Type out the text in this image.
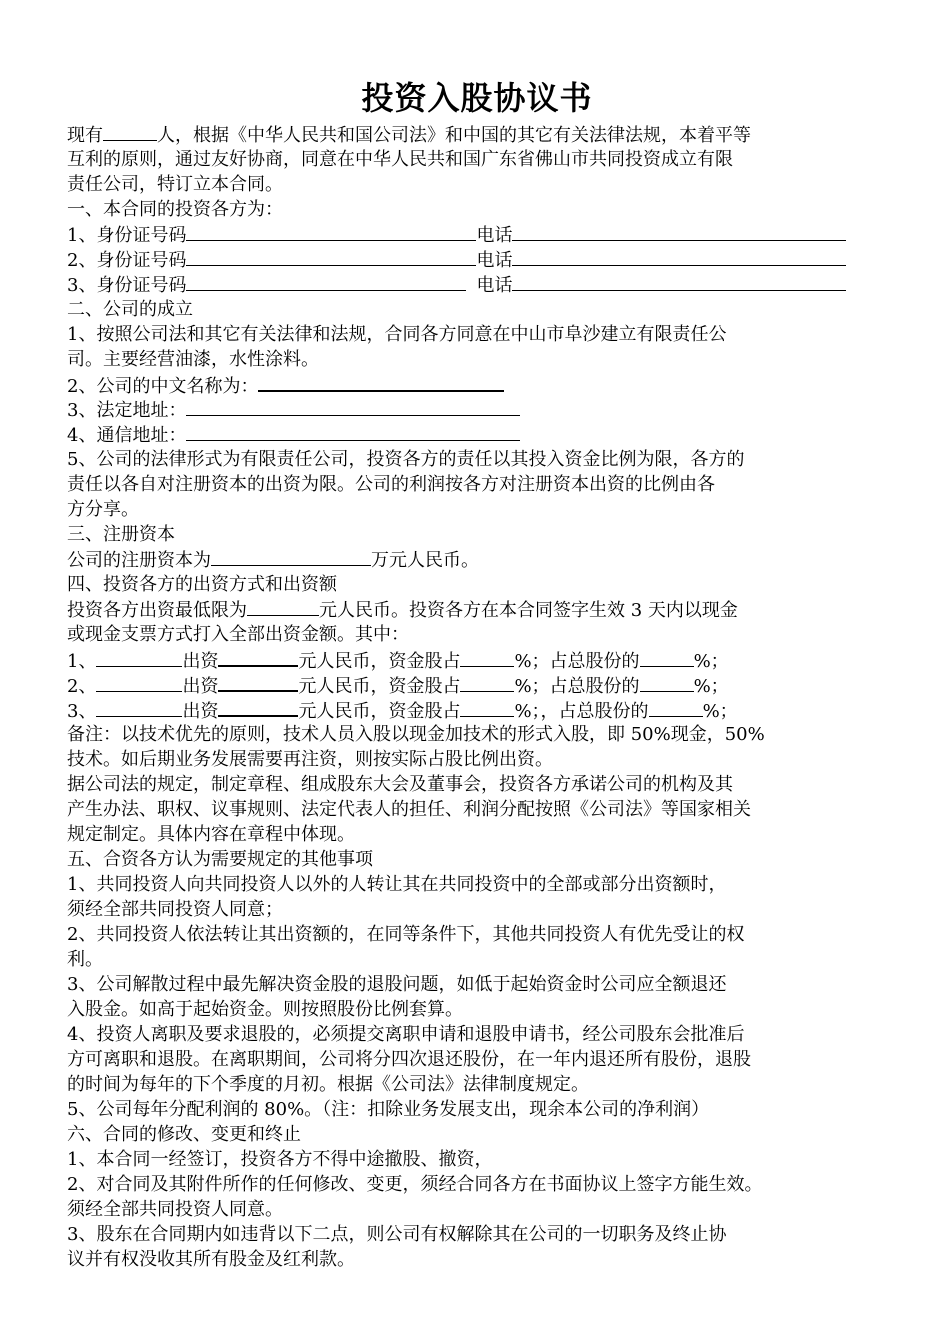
投资入股协议书
现有	人，根据《中华人民共和国公司法》和中国的其它有关法律法规，本着平等
互利的原则，通过友好协商，同意在中华人民共和国广东省佛山市共同投资成立有限
责任公司，特订立本合同。
一、本合同的投资各方为：
1、身份证号码	电话
2、身份证号码	电话
3、身份证号码	电话
二、公司的成立
1、按照公司法和其它有关法律和法规，合同各方同意在中山市阜沙建立有限责任公
司。主要经营油漆，水性涂料。
2、公司的中文名称为：
3、法定地址：
4、通信地址：
5、公司的法律形式为有限责任公司，投资各方的责任以其投入资金比例为限，各方的
责任以各自对注册资本的出资为限。公司的利润按各方对注册资本出资的比例由各
方分享。
三、注册资本
公司的注册资本为	万元人民币。
四、投资各方的出资方式和出资额
投资各方出资最低限为	元人民币。投资各方在本合同签字生效 3 天内以现金
或现金支票方式打入全部出资金额。其中：
1、	出资	元人民币，资金股占	%；占总股份的	%；
2、	出资	元人民币，资金股占	%；占总股份的	%；
3、	出资	元人民币，资金股占	%；，占总股份的	%；
备注：以技术优先的原则，技术人员入股以现金加技术的形式入股，即 50%现金，50%
技术。如后期业务发展需要再注资，则按实际占股比例出资。
据公司法的规定，制定章程、组成股东大会及董事会，投资各方承诺公司的机构及其
产生办法、职权、议事规则、法定代表人的担任、利润分配按照《公司法》等国家相关
规定制定。具体内容在章程中体现。
五、合资各方认为需要规定的其他事项
1、共同投资人向共同投资人以外的人转让其在共同投资中的全部或部分出资额时，
须经全部共同投资人同意；
2、共同投资人依法转让其出资额的，在同等条件下，其他共同投资人有优先受让的权
利。
3、公司解散过程中最先解决资金股的退股问题，如低于起始资金时公司应全额退还
入股金。如高于起始资金。则按照股份比例套算。
4、投资人离职及要求退股的，必须提交离职申请和退股申请书，经公司股东会批准后
方可离职和退股。在离职期间，公司将分四次退还股份，在一年内退还所有股份，退股
的时间为每年的下个季度的月初。根据《公司法》法律制度规定。
5、公司每年分配利润的 80%。（注：扣除业务发展支出，现余本公司的净利润）
六、合同的修改、变更和终止
1、本合同一经签订，投资各方不得中途撤股、撤资，
2、对合同及其附件所作的任何修改、变更，须经合同各方在书面协议上签字方能生效。
须经全部共同投资人同意。
3、股东在合同期内如违背以下二点，则公司有权解除其在公司的一切职务及终止协
议并有权没收其所有股金及红利款。
